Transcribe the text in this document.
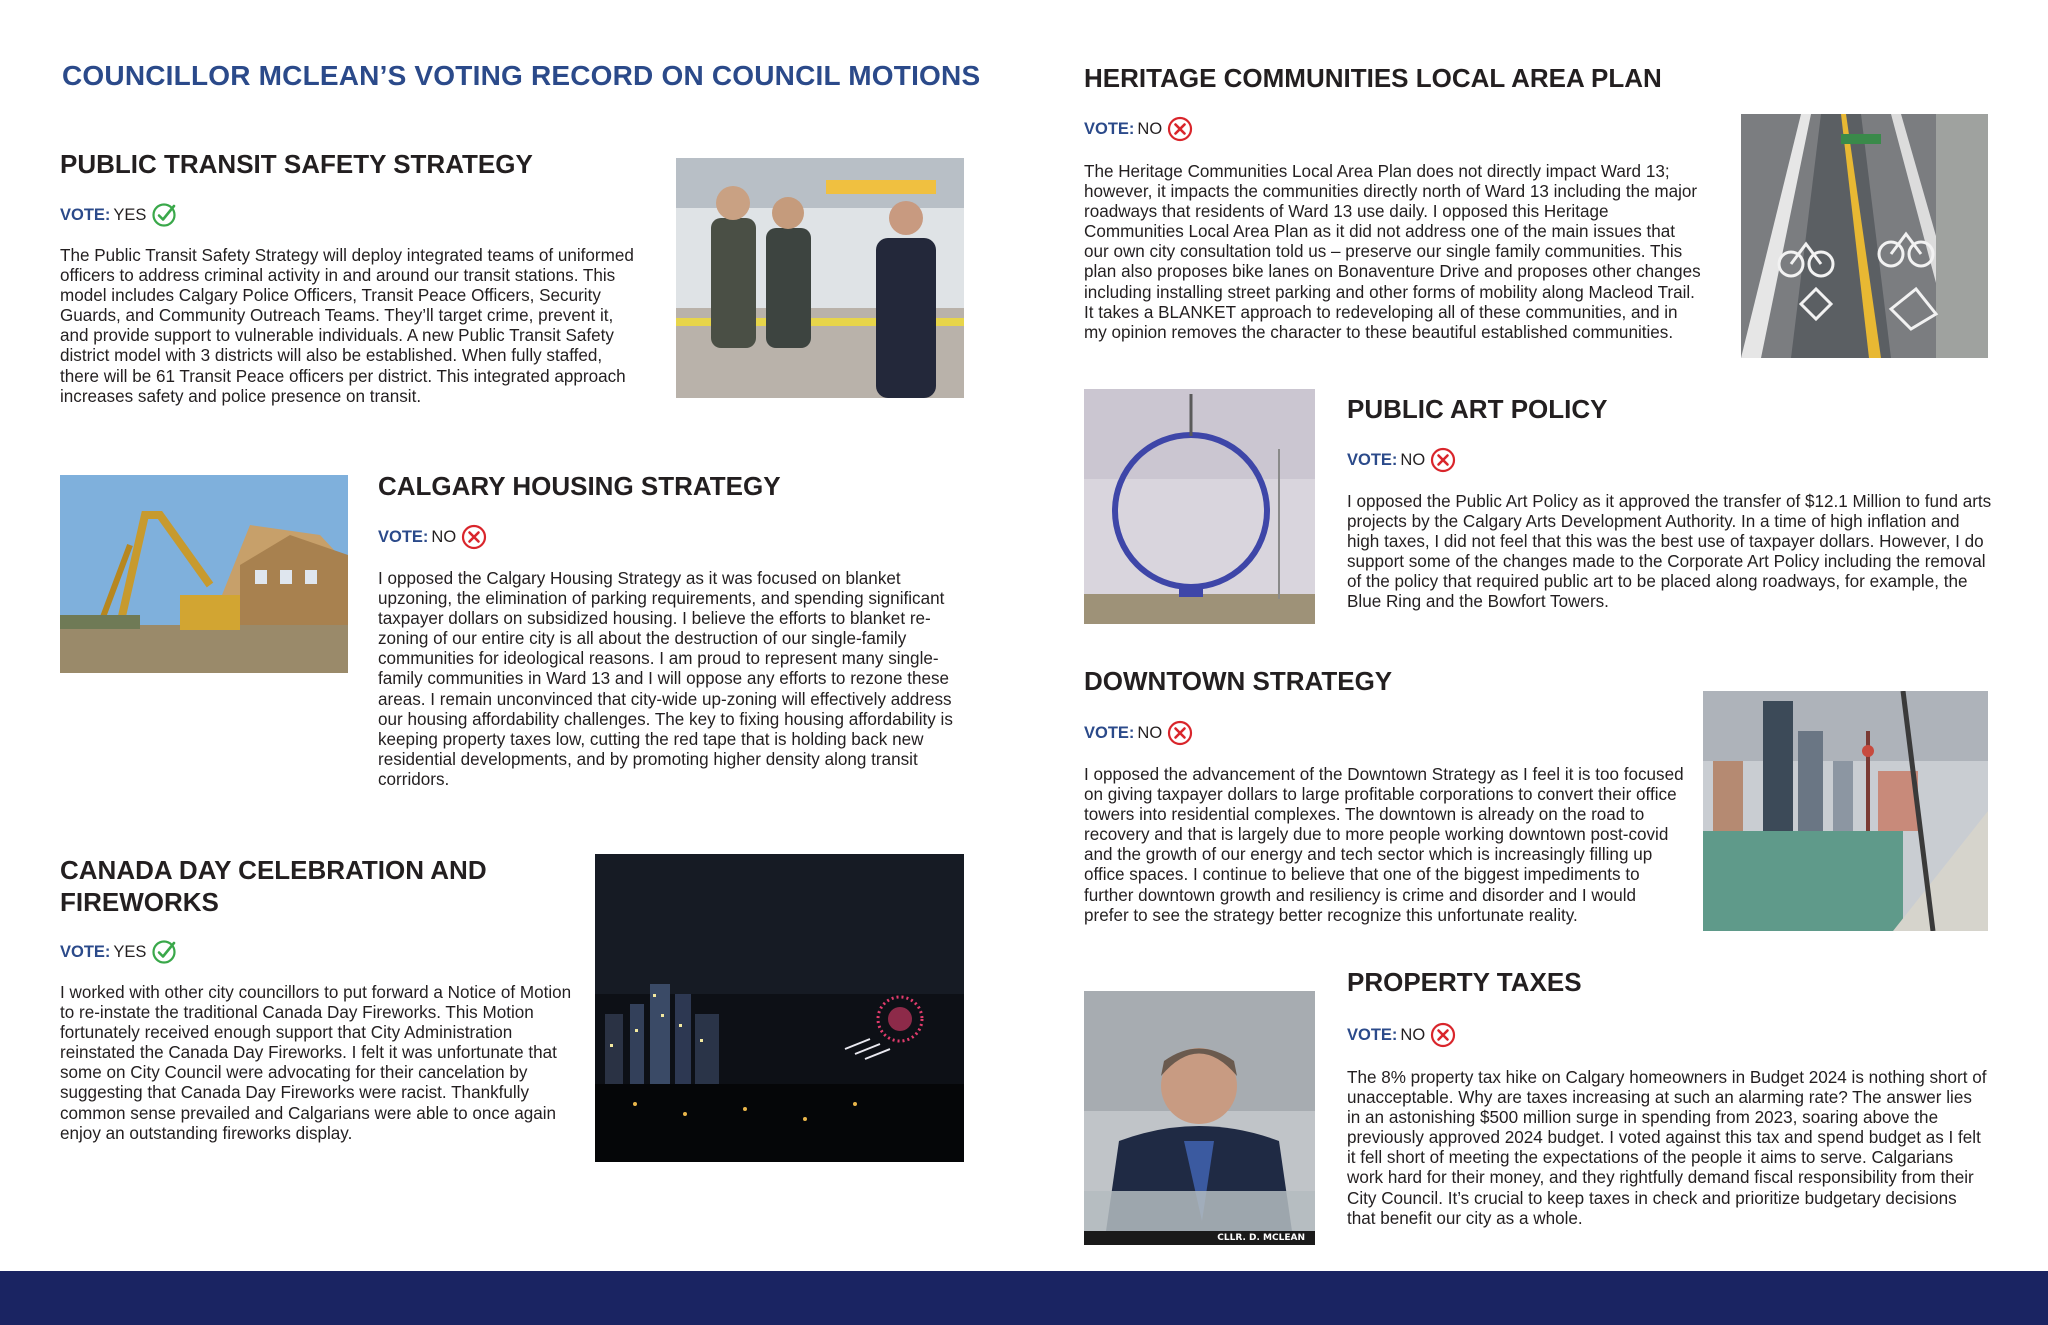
COUNCILLOR MCLEAN’S VOTING RECORD ON COUNCIL MOTIONS
PUBLIC TRANSIT SAFETY STRATEGY
VOTE: YES

The Public Transit Safety Strategy will deploy integrated teams of uniformed officers to address criminal activity in and around our transit stations. This model includes Calgary Police Officers, Transit Peace Officers, Security Guards, and Community Outreach Teams. They’ll target crime, prevent it, and provide support to vulnerable individuals. A new Public Transit Safety district model with 3 districts will also be established. When fully staffed, there will be 61 Transit Peace officers per district. This integrated approach increases safety and police presence on transit.

CALGARY HOUSING STRATEGY
VOTE: NO

I opposed the Calgary Housing Strategy as it was focused on blanket upzoning, the elimination of parking requirements, and spending significant taxpayer dollars on subsidized housing. I believe the efforts to blanket re-zoning of our entire city is all about the destruction of our single-family communities for ideological reasons. I am proud to represent many single-family communities in Ward 13 and I will oppose any efforts to rezone these areas. I remain unconvinced that city-wide up-zoning will effectively address our housing affordability challenges. The key to fixing housing affordability is keeping property taxes low, cutting the red tape that is holding back new residential developments, and by promoting higher density along transit corridors.

CANADA DAY CELEBRATION AND
FIREWORKS
VOTE: YES

I worked with other city councillors to put forward a Notice of Motion to re-instate the traditional Canada Day Fireworks. This Motion fortunately received enough support that City Administration reinstated the Canada Day Fireworks. I felt it was unfortunate that some on City Council were advocating for their cancelation by suggesting that Canada Day Fireworks were racist. Thankfully common sense prevailed and Calgarians were able to once again enjoy an outstanding fireworks display.

HERITAGE COMMUNITIES LOCAL AREA PLAN
VOTE: NO

The Heritage Communities Local Area Plan does not directly impact Ward 13; however, it impacts the communities directly north of Ward 13 including the major roadways that residents of Ward 13 use daily. I opposed this Heritage Communities Local Area Plan as it did not address one of the main issues that our own city consultation told us – preserve our single family communities. This plan also proposes bike lanes on Bonaventure Drive and proposes other changes including installing street parking and other forms of mobility along Macleod Trail. It takes a BLANKET approach to redeveloping all of these communities, and in my opinion removes the character to these beautiful established communities.

PUBLIC ART POLICY
VOTE: NO

I opposed the Public Art Policy as it approved the transfer of $12.1 Million to fund arts projects by the Calgary Arts Development Authority. In a time of high inflation and high taxes, I did not feel that this was the best use of taxpayer dollars. However, I do support some of the changes made to the Corporate Art Policy including the removal of the policy that required public art to be placed along roadways, for example, the Blue Ring and the Bowfort Towers.

DOWNTOWN STRATEGY
VOTE: NO

I opposed the advancement of the Downtown Strategy as I feel it is too focused on giving taxpayer dollars to large profitable corporations to convert their office towers into residential complexes. The downtown is already on the road to recovery and that is largely due to more people working downtown post-covid and the growth of our energy and tech sector which is increasingly filling up office spaces. I continue to believe that one of the biggest impediments to further downtown growth and resiliency is crime and disorder and I would prefer to see the strategy better recognize this unfortunate reality.

CLLR. D. MCLEAN
PROPERTY TAXES
VOTE: NO

The 8% property tax hike on Calgary homeowners in Budget 2024 is nothing short of unacceptable. Why are taxes increasing at such an alarming rate? The answer lies in an astonishing $500 million surge in spending from 2023, soaring above the previously approved 2024 budget. I voted against this tax and spend budget as I felt it fell short of meeting the expectations of the people it aims to serve. Calgarians work hard for their money, and they rightfully demand fiscal responsibility from their City Council. It’s crucial to keep taxes in check and prioritize budgetary decisions that benefit our city as a whole.
